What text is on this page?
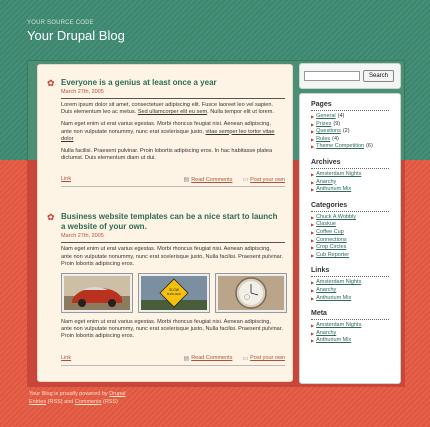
YOUR SOURCE CODE
Your Drupal Blog
✿ Everyone is a genius at least once a year
March 27th, 2005

Lorem ipsum dolor sit amet, consectetuer adipiscing elit. Fusce laoreet leo vel sapien. Duis elementum leo ac metus. Sed ullamcorper elit eu sem. Nulla tempor elit ut lorem.

Nam eget enim ut erat varius egestas. Morbi rhoncus feugiat nisi. Aenean adipiscing, ante non vulputate nonummy, nunc erat scelerisque justo, vitae semper leo tortor vitae dolor

Nulla facilisi. Praesent pulvinar. Proin lobortis adipiscing eros. In hac habitasse platea dictumst. Duis elementum diam ut dui.

Link	▤ Read Comments ▭ Post your own
✿ Business website templates can be a nice start to launch a website of your own.
March 27th, 2005

Nam eget enim ut erat varius egestas. Morbi rhoncus feugiat nisi. Aenean adipiscing, ante non vulputate nonummy, nunc erat scelerisque justo, Nulla facilisi. Praesent pulvinar. Proin lobortis adipiscing eros.

SLOW
BLIND DEAF

Nam eget enim ut erat varius egestas. Morbi rhoncus feugiat nisi. Aenean adipiscing, ante non vulputate nonummy, nunc erat scelerisque justo, Nulla facilisi. Praesent pulvinar. Proin lobortis adipiscing eros.

Link	▤ Read Comments ▭ Post your own
Search
Pages
▶ General (4)
▶ Prizes (9)
▶ Questions (2)
▶ Rules (4)
▶ Theme Competition (6)
Archives
▶ Amsterdam Nights
▶ Anarchy
▶ Anthurium Mix
Categories
▶ Chuck A Wobbly
▶ Claskue
▶ Coffee Cup
▶ Connections
▶ Crop Circles
▶ Cub Reporter
Links
▶ Amsterdam Nights
▶ Anarchy
▶ Anthurium Mix
Meta
▶ Amsterdam Nights
▶ Anarchy
▶ Anthurium Mix
Your Blog is proudly powered by Drupal
Entries (RSS) and Comments (RSS)
